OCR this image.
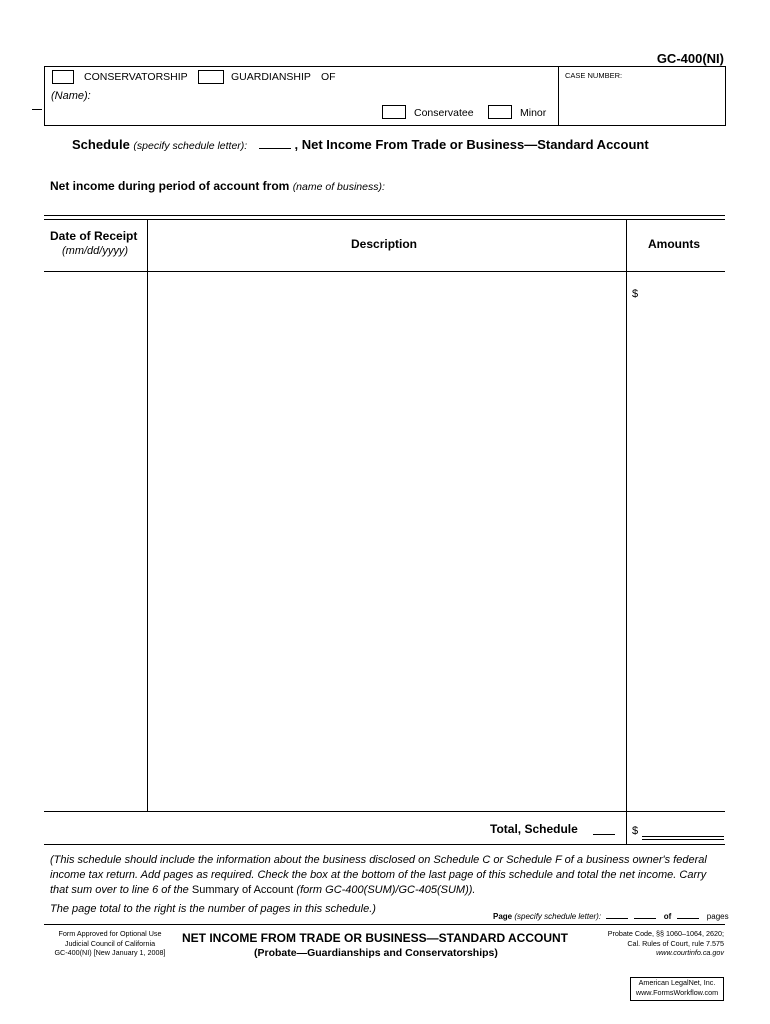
GC-400(NI)
CONSERVATORSHIP	GUARDIANSHIP OF
(Name):
Conservatee	Minor
CASE NUMBER:
Schedule (specify schedule letter):	, Net Income From Trade or Business—Standard Account
Net income during period of account from (name of business):
Date of Receipt
(mm/dd/yyyy)	Description	Amounts
$
Total, Schedule	$
(This schedule should include the information about the business disclosed on Schedule C or Schedule F of a business owner's federal income tax return. Add pages as required. Check the box at the bottom of the last page of this schedule and total the net income. Carry that sum over to line 6 of the Summary of Account (form GC-400(SUM)/GC-405(SUM)).
The page total to the right is the number of pages in this schedule.)
Page (specify schedule letter):	of	pages
Form Approved for Optional Use
Judicial Council of California
GC-400(NI) [New January 1, 2008]
NET INCOME FROM TRADE OR BUSINESS—STANDARD ACCOUNT
(Probate—Guardianships and Conservatorships)
Probate Code, §§ 1060–1064, 2620;
Cal. Rules of Court, rule 7.575
www.courtinfo.ca.gov
American LegalNet, Inc.
www.FormsWorkflow.com
